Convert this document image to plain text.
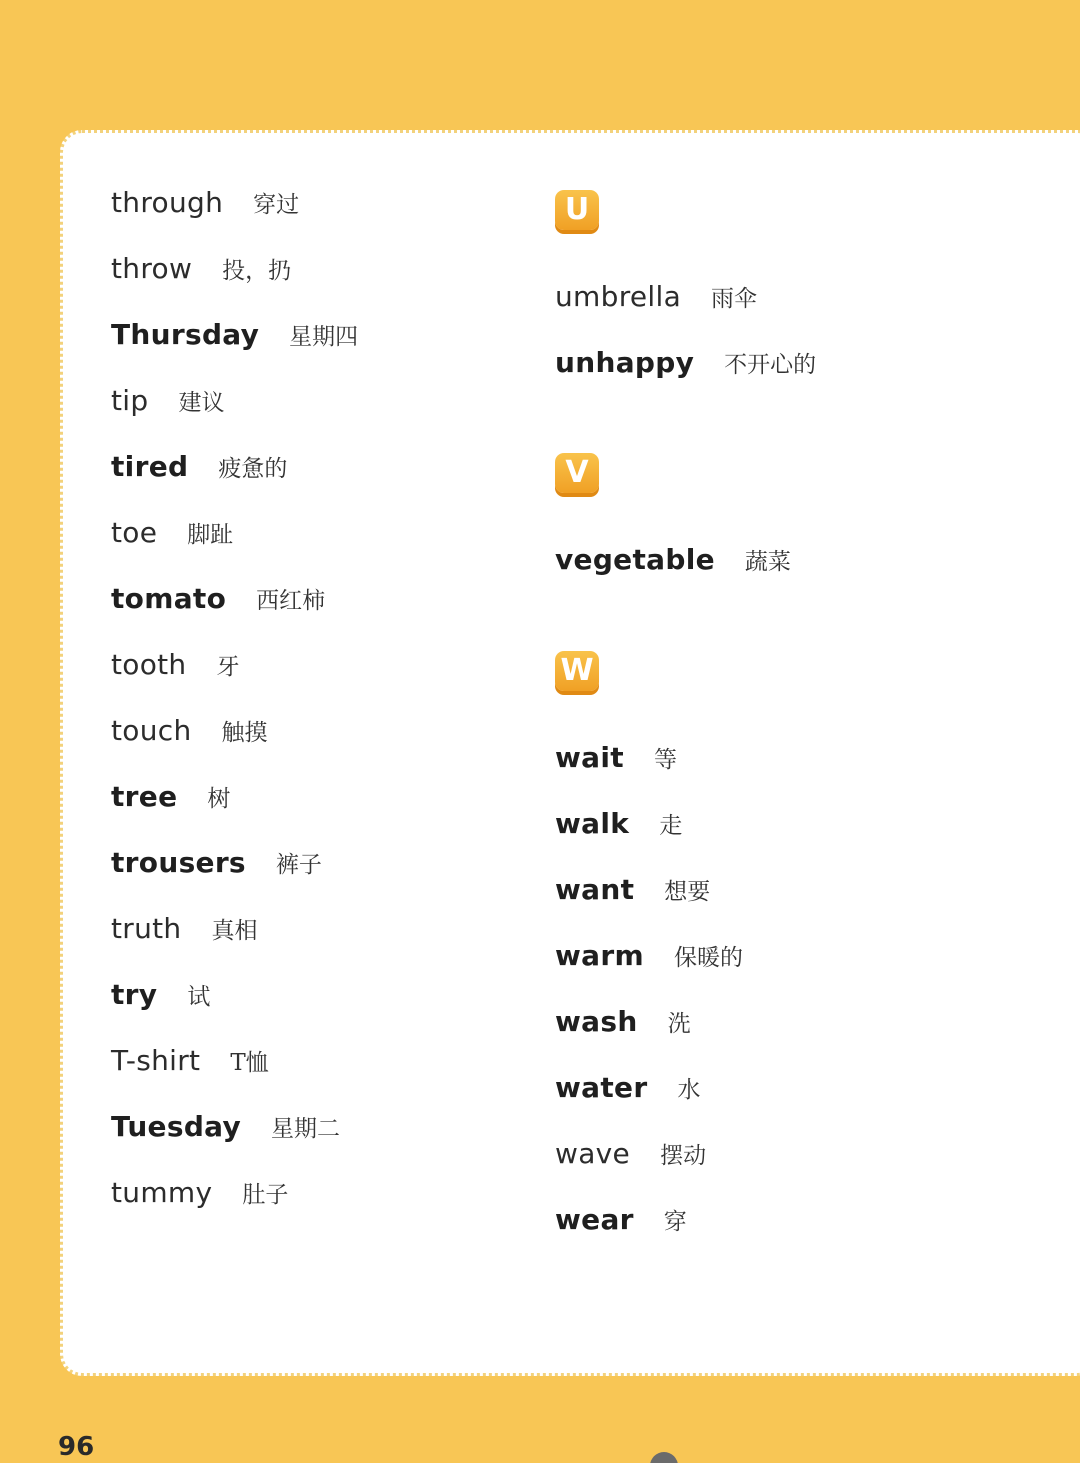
through 穿过
throw 投，扔
Thursday 星期四
tip 建议
tired 疲惫的
toe 脚趾
tomato 西红柿
tooth 牙
touch 触摸
tree 树
trousers 裤子
truth 真相
try 试
T-shirt T恤
Tuesday 星期二
tummy 肚子
U
umbrella 雨伞
unhappy 不开心的
V
vegetable 蔬菜
W
wait 等
walk 走
want 想要
warm 保暖的
wash 洗
water 水
wave 摆动
wear 穿
96
